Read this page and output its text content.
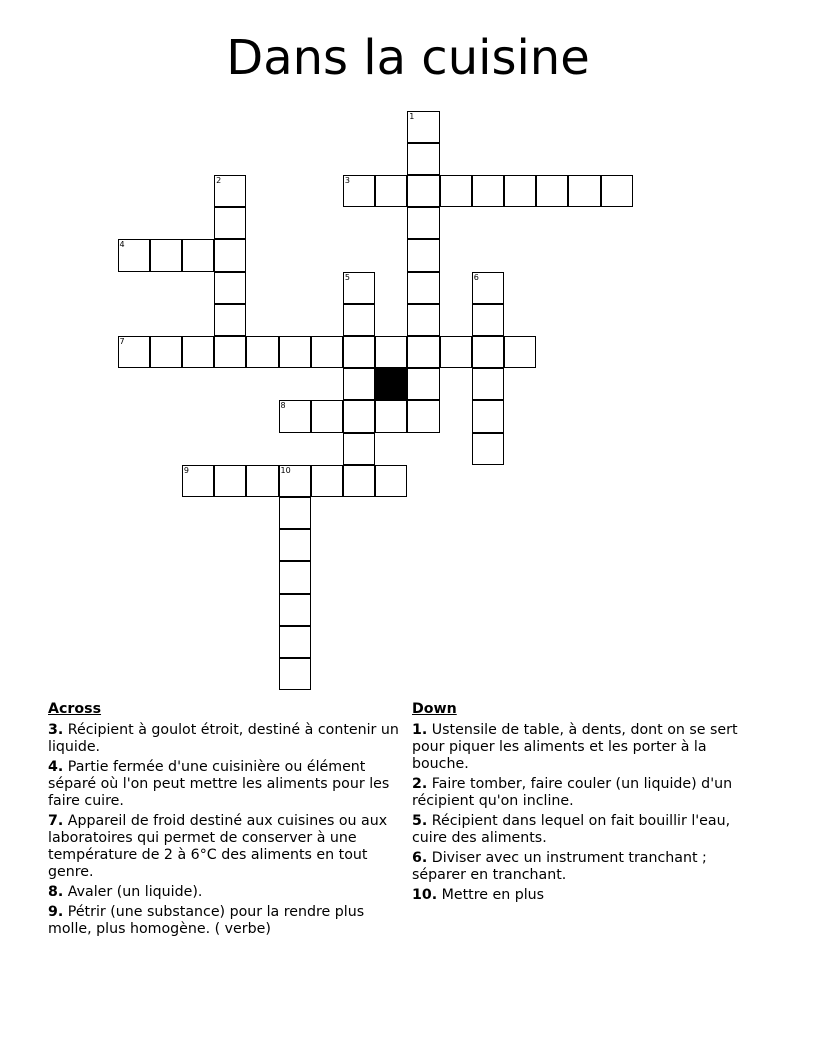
Dans la cuisine
1
2	3
4
5	6
7
8
9	10
Across
3. Récipient à goulot étroit, destiné à contenir un liquide.
4. Partie fermée d'une cuisinière ou élément séparé où l'on peut mettre les aliments pour les faire cuire.
7. Appareil de froid destiné aux cuisines ou aux laboratoires qui permet de conserver à une température de 2 à 6°C des aliments en tout genre.
8. Avaler (un liquide).
9. Pétrir (une substance) pour la rendre plus molle, plus homogène. ( verbe)
Down
1. Ustensile de table, à dents, dont on se sert pour piquer les aliments et les porter à la bouche.
2. Faire tomber, faire couler (un liquide) d'un récipient qu'on incline.
5. Récipient dans lequel on fait bouillir l'eau, cuire des aliments.
6. Diviser avec un instrument tranchant ; séparer en tranchant.
10. Mettre en plus
